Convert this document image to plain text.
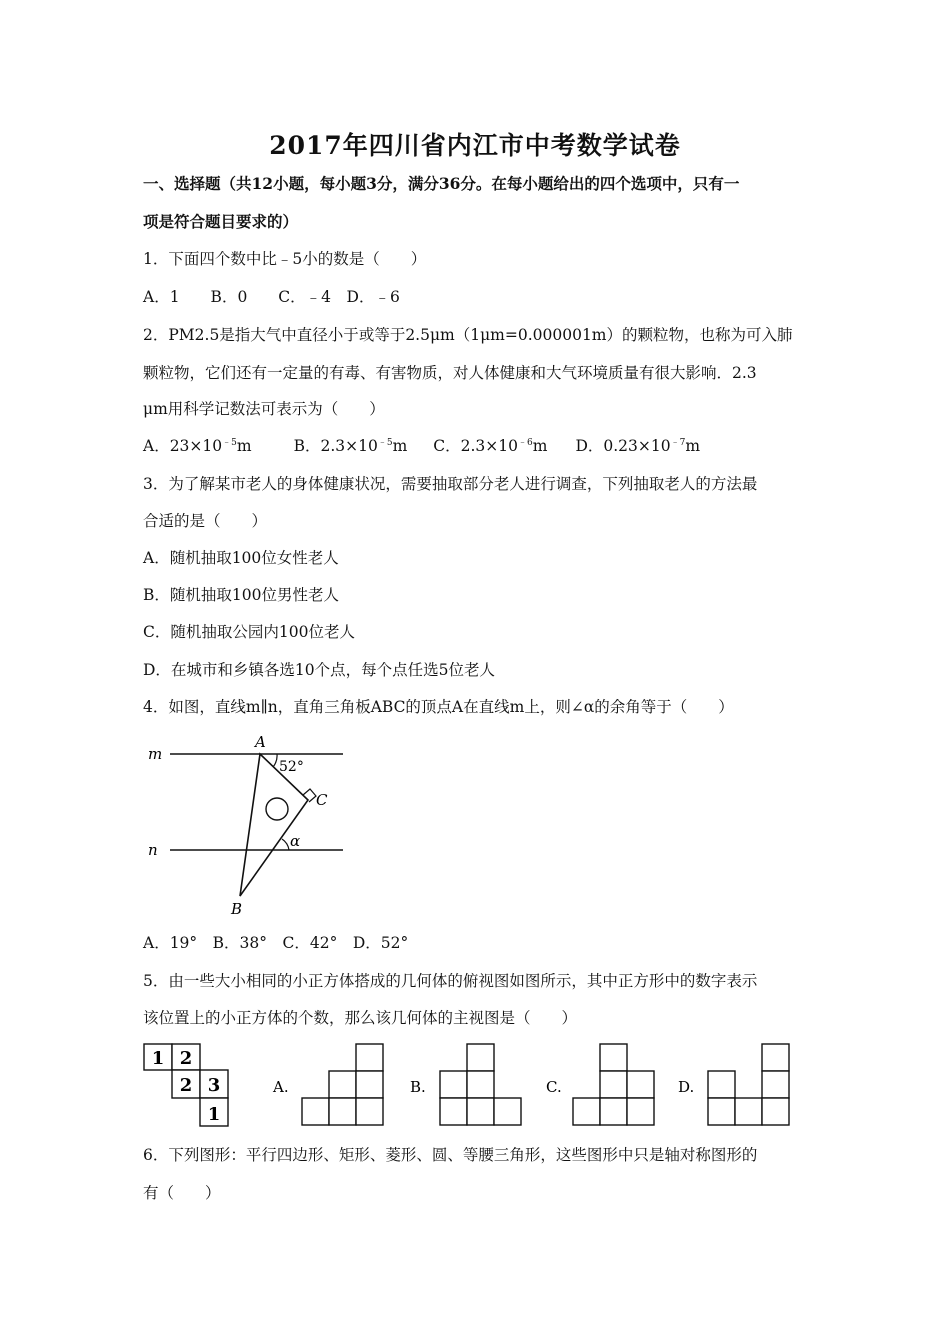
2017年四川省内江市中考数学试卷
一、选择题（共12小题，每小题3分，满分36分。在每小题给出的四个选项中，只有一
项是符合题目要求的）
1．下面四个数中比﹣5小的数是（　　）
A．1　　B．0　　C．﹣4　D．﹣6
2．PM2.5是指大气中直径小于或等于2.5μm（1μm=0.000001m）的颗粒物，也称为可入肺
颗粒物，它们还有一定量的有毒、有害物质，对人体健康和大气环境质量有很大影响．2.3
μm用科学记数法可表示为（　　）
A．$23\times 10^{﹣5}m$	B．$2.3\times 10^{﹣5}m$ C．$2.3\times 10^{﹣6}m$ D．$0.23\times 10^{﹣7}m$
3．为了解某市老人的身体健康状况，需要抽取部分老人进行调查，下列抽取老人的方法最
合适的是（　　）
A．随机抽取100位女性老人
B．随机抽取100位男性老人
C．随机抽取公园内100位老人
D．在城市和乡镇各选10个点，每个点任选5位老人
4．如图，直线m∥n，直角三角板ABC的顶点A在直线m上，则∠α的余角等于（　　）
m
n
A
B
C
52°
α
A．19°　B．38°　C．42°　D．52°
5．由一些大小相同的小正方体搭成的几何体的俯视图如图所示，其中正方形中的数字表示
该位置上的小正方体的个数，那么该几何体的主视图是（　　）
1 2
2 3
1
A.	B.	C.	D.
6．下列图形：平行四边形、矩形、菱形、圆、等腰三角形，这些图形中只是轴对称图形的
有（　　）
